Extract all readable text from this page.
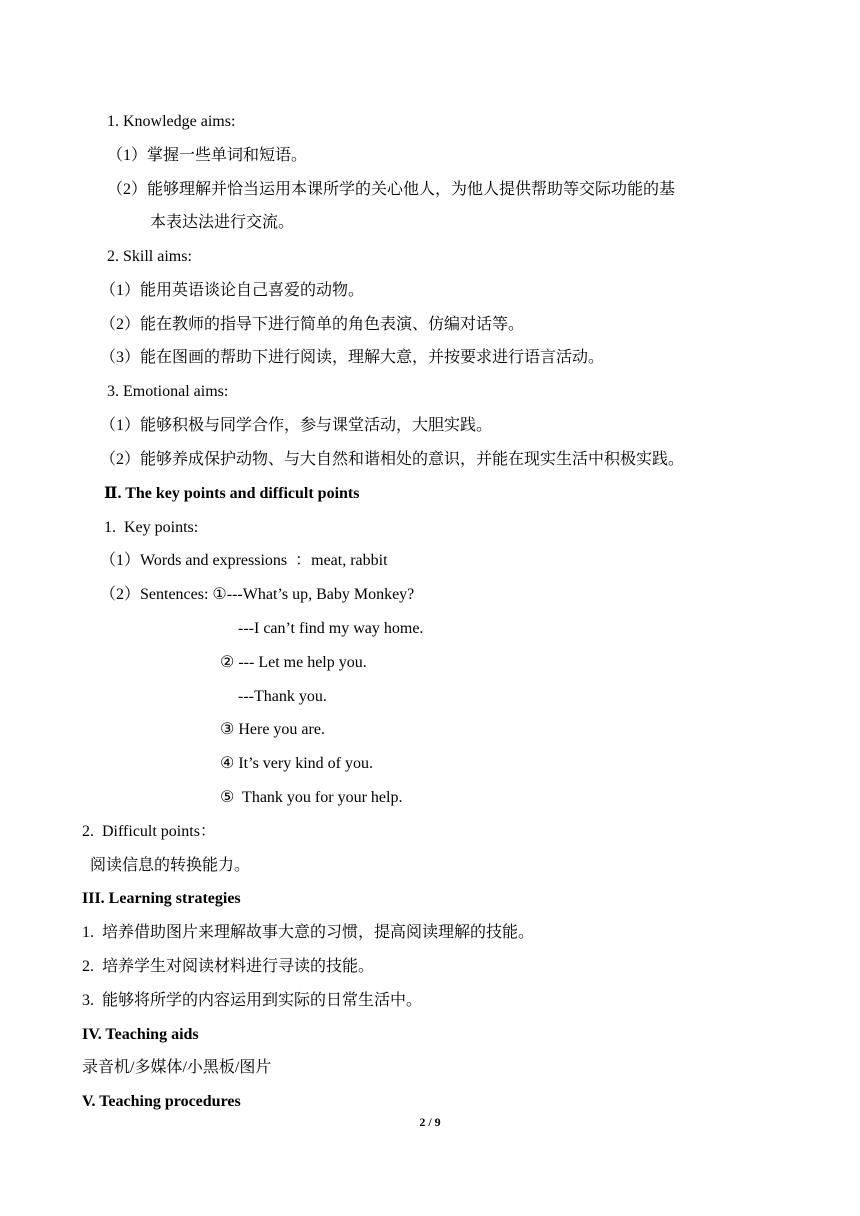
1. Knowledge aims:
（1）掌握一些单词和短语。
（2）能够理解并恰当运用本课所学的关心他人，为他人提供帮助等交际功能的基
本表达法进行交流。
2. Skill aims:
（1）能用英语谈论自己喜爱的动物。
（2）能在教师的指导下进行简单的角色表演、仿编对话等。
（3）能在图画的帮助下进行阅读，理解大意，并按要求进行语言活动。
3. Emotional aims:
（1）能够积极与同学合作，参与课堂活动，大胆实践。
（2）能够养成保护动物、与大自然和谐相处的意识，并能在现实生活中积极实践。
Ⅱ. The key points and difficult points
1.  Key points:
（1）Words and expressions  ：meat, rabbit
（2）Sentences: ①---What’s up, Baby Monkey?
---I can’t find my way home.
② --- Let me help you.
---Thank you.
③ Here you are.
④ It’s very kind of you.
⑤  Thank you for your help.
2.  Difficult points：
阅读信息的转换能力。
III. Learning strategies
1.  培养借助图片来理解故事大意的习惯，提高阅读理解的技能。
2.  培养学生对阅读材料进行寻读的技能。
3.  能够将所学的内容运用到实际的日常生活中。
IV. Teaching aids
录音机/多媒体/小黑板/图片
V. Teaching procedures
2 / 9
